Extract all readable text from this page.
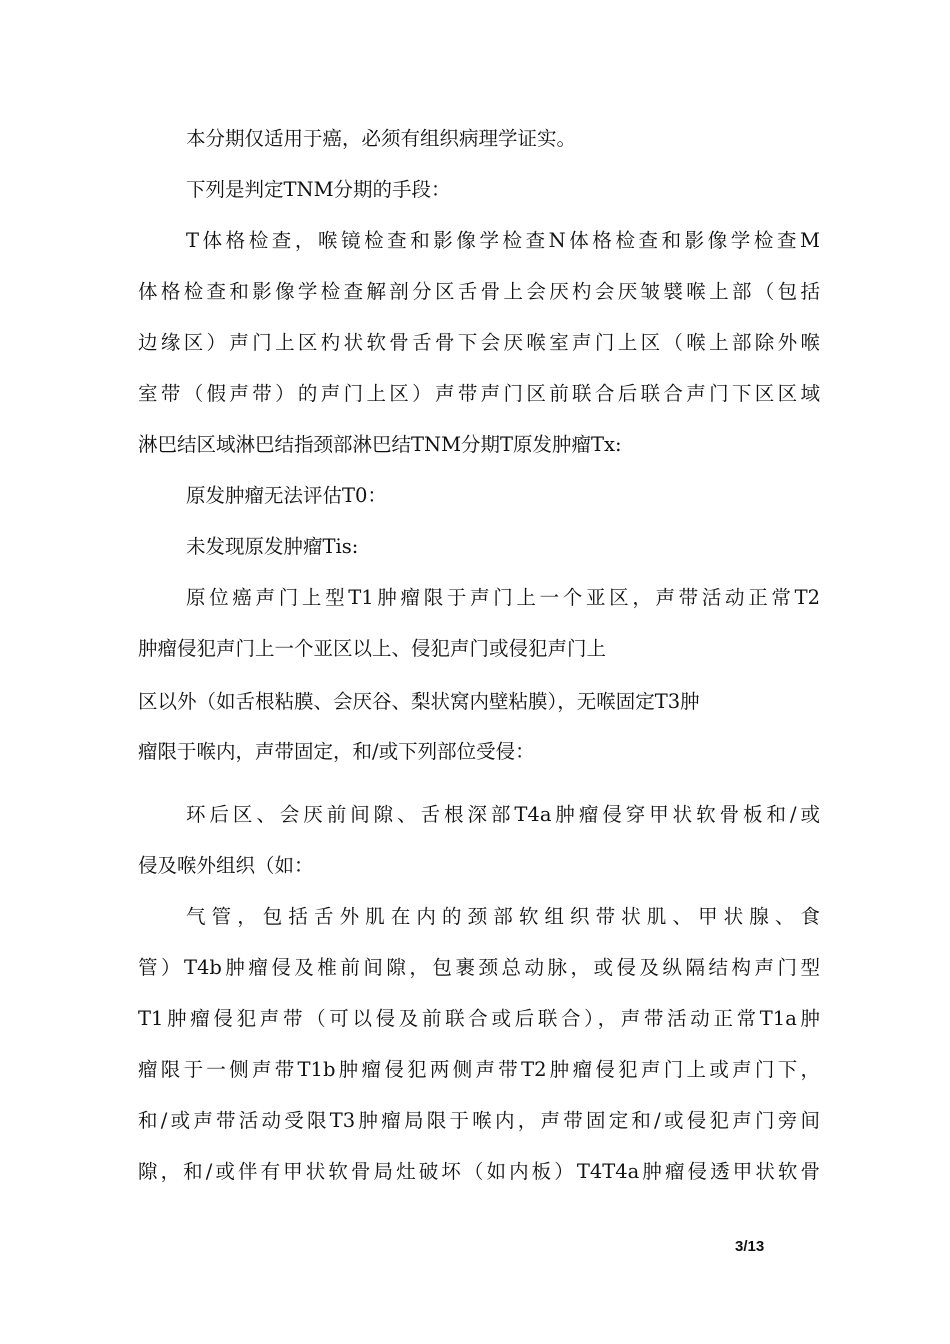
本分期仅适用于癌，必须有组织病理学证实。
下列是判定TNM分期的手段：
T体格检查，喉镜检查和影像学检查N体格检查和影像学检查M
体格检查和影像学检查解剖分区舌骨上会厌杓会厌皱襞喉上部（包括
边缘区）声门上区杓状软骨舌骨下会厌喉室声门上区（喉上部除外喉
室带（假声带）的声门上区）声带声门区前联合后联合声门下区区域
淋巴结区域淋巴结指颈部淋巴结TNM分期T原发肿瘤Tx:
原发肿瘤无法评估T0：
未发现原发肿瘤Tis:
原位癌声门上型T1肿瘤限于声门上一个亚区，声带活动正常T2
肿瘤侵犯声门上一个亚区以上、侵犯声门或侵犯声门上
区以外（如舌根粘膜、会厌谷、梨状窝内壁粘膜），无喉固定T3肿
瘤限于喉内，声带固定，和/或下列部位受侵：
环后区、会厌前间隙、舌根深部T4a肿瘤侵穿甲状软骨板和/或
侵及喉外组织（如：
气管，包括舌外肌在内的颈部软组织带状肌、甲状腺、食
管）T4b肿瘤侵及椎前间隙，包裹颈总动脉，或侵及纵隔结构声门型
T1肿瘤侵犯声带（可以侵及前联合或后联合），声带活动正常T1a肿
瘤限于一侧声带T1b肿瘤侵犯两侧声带T2肿瘤侵犯声门上或声门下，
和/或声带活动受限T3肿瘤局限于喉内，声带固定和/或侵犯声门旁间
隙，和/或伴有甲状软骨局灶破坏（如内板）T4T4a肿瘤侵透甲状软骨
3/13
